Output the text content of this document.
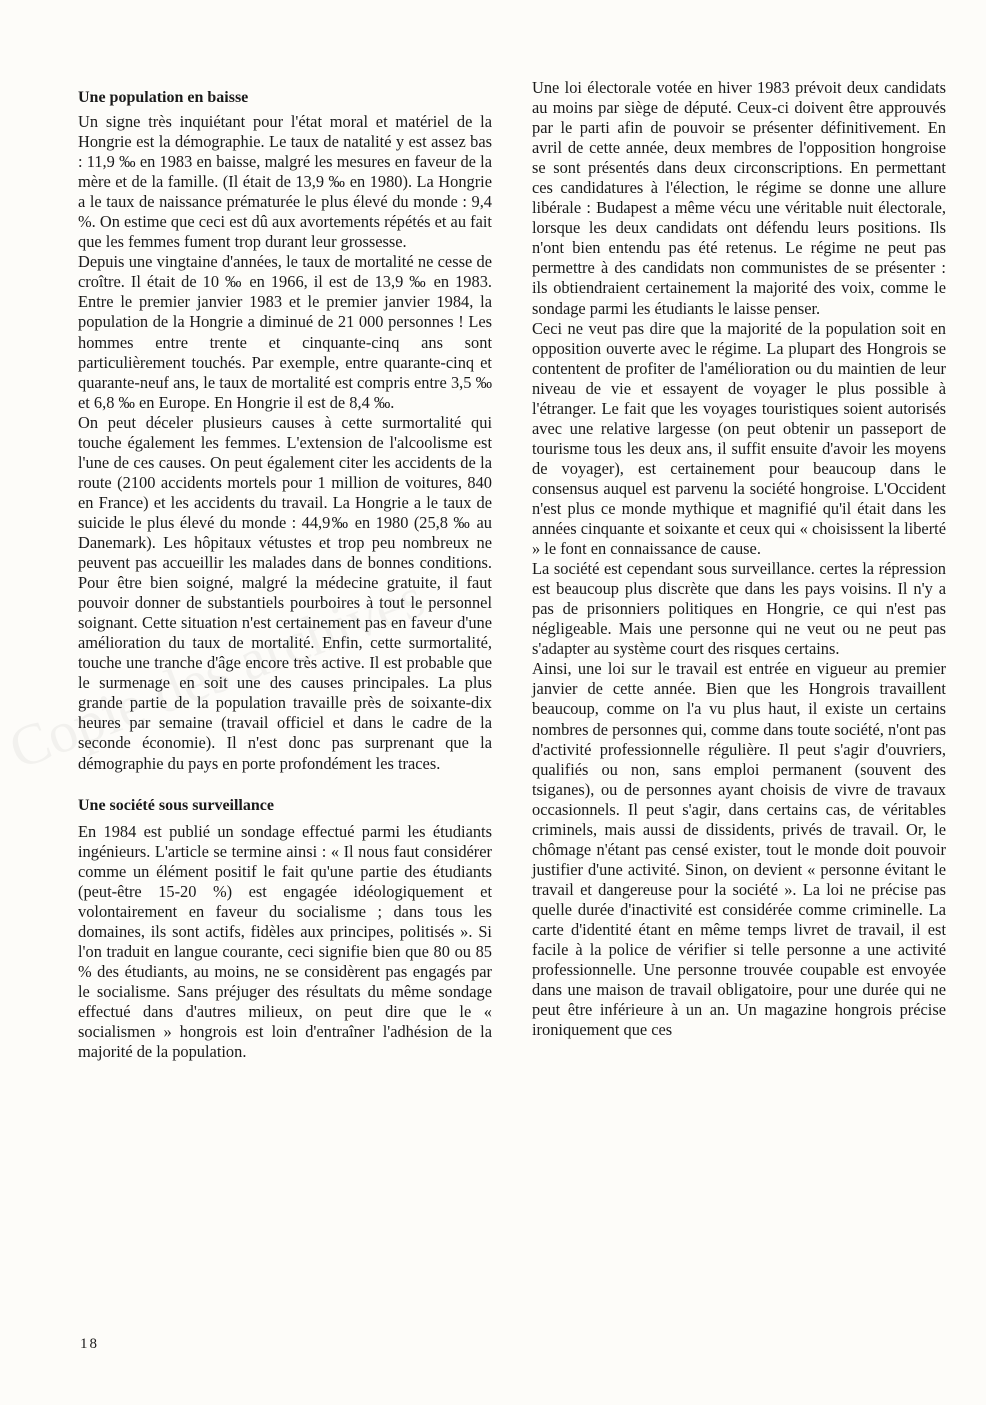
Une population en baisse

Un signe très inquiétant pour l'état moral et matériel de la Hongrie est la démographie. Le taux de natalité y est assez bas : 11,9 ‰ en 1983 en baisse, malgré les mesures en faveur de la mère et de la famille. (Il était de 13,9 ‰ en 1980). La Hongrie a le taux de naissance prématurée le plus élevé du monde : 9,4 %. On estime que ceci est dû aux avortements répétés et au fait que les femmes fument trop durant leur grossesse.

Depuis une vingtaine d'années, le taux de mortalité ne cesse de croître. Il était de 10 ‰ en 1966, il est de 13,9 ‰ en 1983. Entre le premier janvier 1983 et le premier janvier 1984, la population de la Hongrie a diminué de 21 000 personnes ! Les hommes entre trente et cinquante-cinq ans sont particulièrement touchés. Par exemple, entre quarante-cinq et quarante-neuf ans, le taux de mortalité est compris entre 3,5 ‰ et 6,8 ‰ en Europe. En Hongrie il est de 8,4 ‰.

On peut déceler plusieurs causes à cette surmortalité qui touche également les femmes. L'extension de l'alcoolisme est l'une de ces causes. On peut également citer les accidents de la route (2100 accidents mortels pour 1 million de voitures, 840 en France) et les accidents du travail. La Hongrie a le taux de suicide le plus élevé du monde : 44,9‰ en 1980 (25,8 ‰ au Danemark). Les hôpitaux vétustes et trop peu nombreux ne peuvent pas accueillir les malades dans de bonnes conditions. Pour être bien soigné, malgré la médecine gratuite, il faut pouvoir donner de substantiels pourboires à tout le personnel soignant. Cette situation n'est certainement pas en faveur d'une amélioration du taux de mortalité. Enfin, cette surmortalité, touche une tranche d'âge encore très active. Il est probable que le surmenage en soit une des causes principales. La plus grande partie de la population travaille près de soixante-dix heures par semaine (travail officiel et dans le cadre de la seconde économie). Il n'est donc pas surprenant que la démographie du pays en porte profondément les traces.

Une société sous surveillance

En 1984 est publié un sondage effectué parmi les étudiants ingénieurs. L'article se termine ainsi : « Il nous faut considérer comme un élément positif le fait qu'une partie des étudiants (peut-être 15-20 %) est engagée idéologiquement et volontairement en faveur du socialisme ; dans tous les domaines, ils sont actifs, fidèles aux principes, politisés ». Si l'on traduit en langue courante, ceci signifie bien que 80 ou 85 % des étudiants, au moins, ne se considèrent pas engagés par le socialisme. Sans préjuger des résultats du même sondage effectué dans d'autres milieux, on peut dire que le « socialismen » hongrois est loin d'entraîner l'adhésion de la majorité de la population.

Une loi électorale votée en hiver 1983 prévoit deux candidats au moins par siège de député. Ceux-ci doivent être approuvés par le parti afin de pouvoir se présenter définitivement. En avril de cette année, deux membres de l'opposition hongroise se sont présentés dans deux circonscriptions. En permettant ces candidatures à l'élection, le régime se donne une allure libérale : Budapest a même vécu une véritable nuit électorale, lorsque les deux candidats ont défendu leurs positions. Ils n'ont bien entendu pas été retenus. Le régime ne peut pas permettre à des candidats non communistes de se présenter : ils obtiendraient certainement la majorité des voix, comme le sondage parmi les étudiants le laisse penser.

Ceci ne veut pas dire que la majorité de la population soit en opposition ouverte avec le régime. La plupart des Hongrois se contentent de profiter de l'amélioration ou du maintien de leur niveau de vie et essayent de voyager le plus possible à l'étranger. Le fait que les voyages touristiques soient autorisés avec une relative largesse (on peut obtenir un passeport de tourisme tous les deux ans, il suffit ensuite d'avoir les moyens de voyager), est certainement pour beaucoup dans le consensus auquel est parvenu la société hongroise. L'Occident n'est plus ce monde mythique et magnifié qu'il était dans les années cinquante et soixante et ceux qui « choisissent la liberté » le font en connaissance de cause.

La société est cependant sous surveillance. certes la répression est beaucoup plus discrète que dans les pays voisins. Il n'y a pas de prisonniers politiques en Hongrie, ce qui n'est pas négligeable. Mais une personne qui ne veut ou ne peut pas s'adapter au système court des risques certains.

Ainsi, une loi sur le travail est entrée en vigueur au premier janvier de cette année. Bien que les Hongrois travaillent beaucoup, comme on l'a vu plus haut, il existe un certains nombres de personnes qui, comme dans toute société, n'ont pas d'activité professionnelle régulière. Il peut s'agir d'ouvriers, qualifiés ou non, sans emploi permanent (souvent des tsiganes), ou de personnes ayant choisis de vivre de travaux occasionnels. Il peut s'agir, dans certains cas, de véritables criminels, mais aussi de dissidents, privés de travail. Or, le chômage n'étant pas censé exister, tout le monde doit pouvoir justifier d'une activité. Sinon, on devient « personne évitant le travail et dangereuse pour la société ». La loi ne précise pas quelle durée d'inactivité est considérée comme criminelle. La carte d'identité étant en même temps livret de travail, il est facile à la police de vérifier si telle personne a une activité professionnelle. Une personne trouvée coupable est envoyée dans une maison de travail obligatoire, pour une durée qui ne peut être inférieure à un an. Un magazine hongrois précise ironiquement que ces

18
